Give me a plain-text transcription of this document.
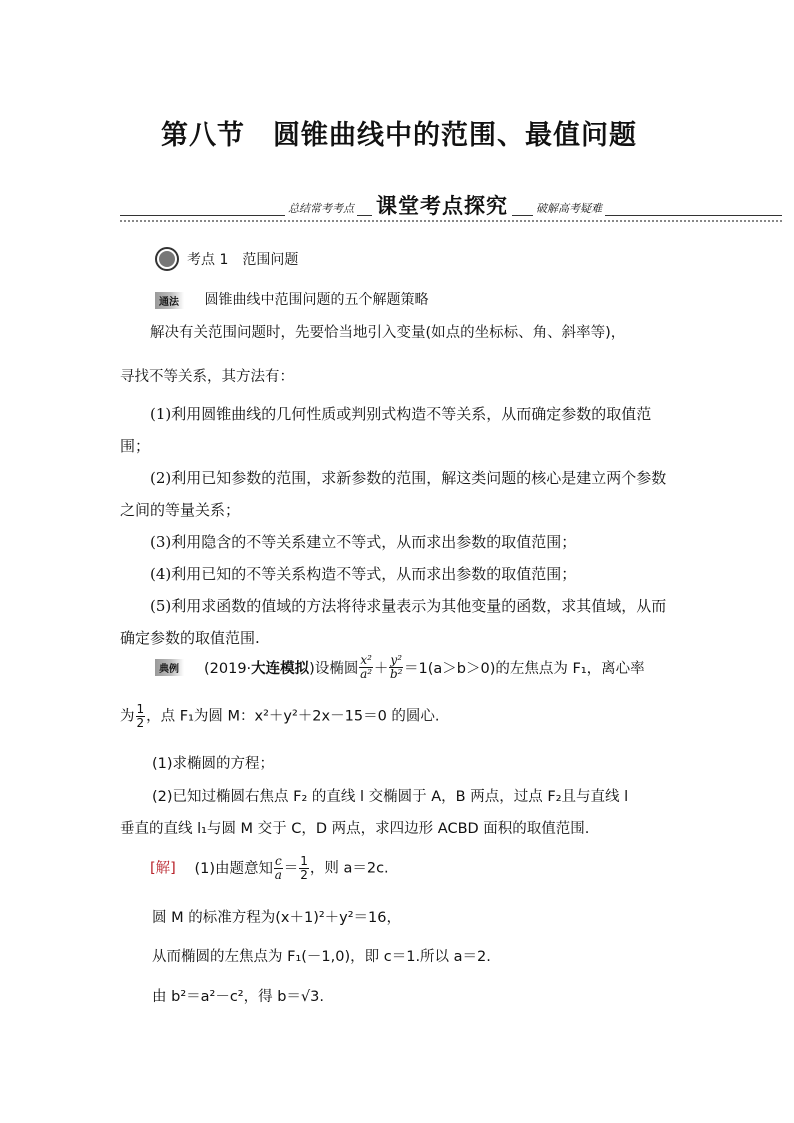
第八节　圆锥曲线中的范围、最值问题
总结常考考点 课堂考点探究	破解高考疑难
考点 1　范围问题
通法 圆锥曲线中范围问题的五个解题策略
解决有关范围问题时，先要恰当地引入变量(如点的坐标标、角、斜率等)，
寻找不等关系，其方法有：
(1)利用圆锥曲线的几何性质或判别式构造不等关系，从而确定参数的取值范围；
(2)利用已知参数的范围，求新参数的范围，解这类问题的核心是建立两个参数之间的等量关系；
(3)利用隐含的不等关系建立不等式，从而求出参数的取值范围；
(4)利用已知的不等关系构造不等式，从而求出参数的取值范围；
(5)利用求函数的值域的方法将待求量表示为其他变量的函数，求其值域，从而确定参数的取值范围.
典例	(2019·大连模拟)设椭圆 $\frac{\text{x²}}{\text{a²}} + \frac{\text{y²}}{\text{b²}} =1(a>b>0)$的左焦点为 F₁，离心率
为 $\frac{1}{2}$ ，点 F₁为圆 M：x²＋y²＋2x－15＝0 的圆心.
(1)求椭圆的方程；
(2)已知过椭圆右焦点 F₂ 的直线 l 交椭圆于 A，B 两点，过点 F₂且与直线 l
垂直的直线 l₁与圆 M 交于 C，D 两点，求四边形 ACBD 面积的取值范围.
[解] (1)由题意知 $\frac{c}{a} = \frac{1}{2}$ ，则 a＝2c.
圆 M 的标准方程为(x＋1)²＋y²＝16，
从而椭圆的左焦点为 F₁(－1,0)，即 c＝1.所以 a＝2.
由 b²＝a²－c²，得 b＝√3.
